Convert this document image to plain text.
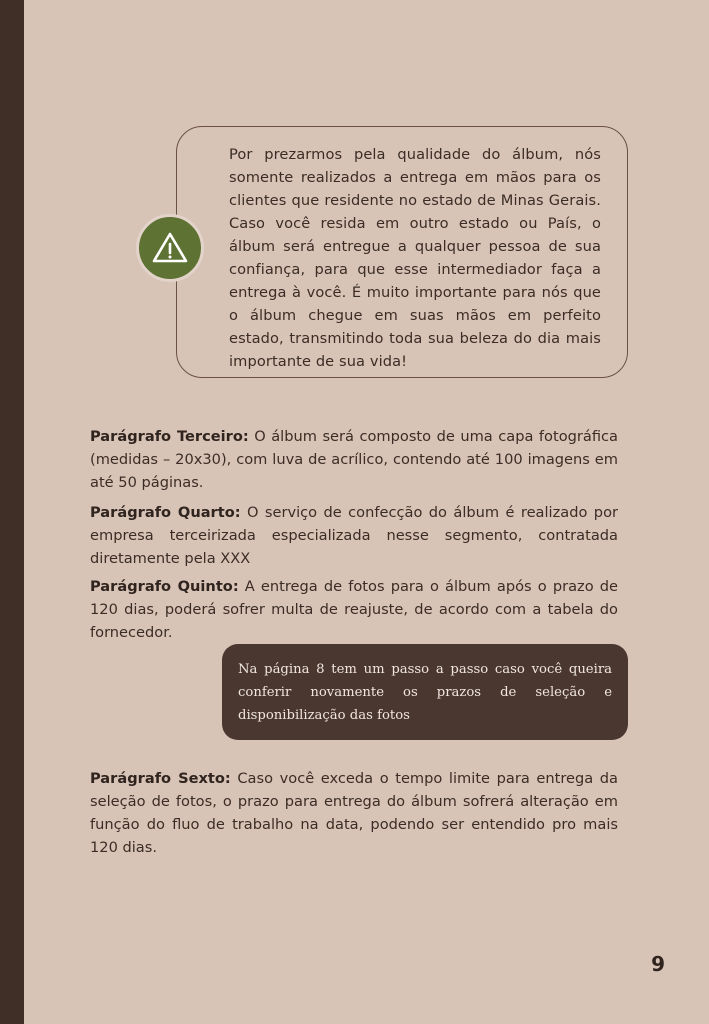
Por prezarmos pela qualidade do álbum, nós somente realizados a entrega em mãos para os clientes que residente no estado de Minas Gerais. Caso você resida em outro estado ou País, o álbum será entregue a qualquer pessoa de sua confiança, para que esse intermediador faça a entrega à você. É muito importante para nós que o álbum chegue em suas mãos em perfeito estado, transmitindo toda sua beleza do dia mais importante de sua vida!
Parágrafo Terceiro: O álbum será composto de uma capa fotográfica (medidas – 20x30), com luva de acrílico, contendo até 100 imagens em até 50 páginas.
Parágrafo Quarto: O serviço de confecção do álbum é realizado por empresa terceirizada especializada nesse segmento, contratada diretamente pela XXX
Parágrafo Quinto: A entrega de fotos para o álbum após o prazo de 120 dias, poderá sofrer multa de reajuste, de acordo com a tabela do fornecedor.
Na página 8 tem um passo a passo caso você queira conferir novamente os prazos de seleção e disponibilização das fotos
Parágrafo Sexto: Caso você exceda o tempo limite para entrega da seleção de fotos, o prazo para entrega do álbum sofrerá alteração em função do fluo de trabalho na data, podendo ser entendido pro mais 120 dias.
9
